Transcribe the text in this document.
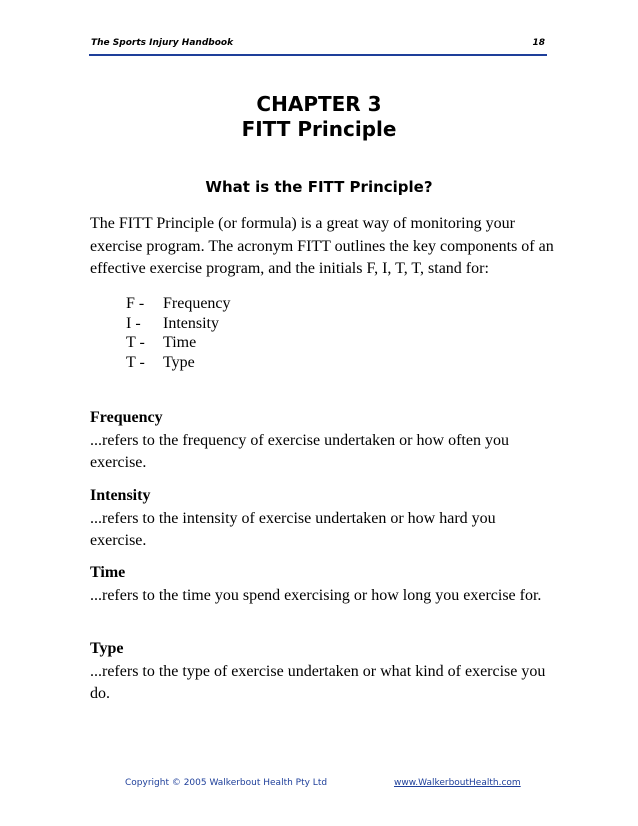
The Sports Injury Handbook	18
CHAPTER 3
FITT Principle
What is the FITT Principle?

The FITT Principle (or formula) is a great way of monitoring your exercise program. The acronym FITT outlines the key components of an effective exercise program, and the initials F, I, T, T, stand for:

F -	Frequency
I -	Intensity
T -	Time
T -	Type
Frequency
...refers to the frequency of exercise undertaken or how often you exercise.
Intensity
...refers to the intensity of exercise undertaken or how hard you exercise.
Time
...refers to the time you spend exercising or how long you exercise for.
Type
...refers to the type of exercise undertaken or what kind of exercise you do.
Copyright © 2005 Walkerbout Health Pty Ltd	www.WalkerboutHealth.com
